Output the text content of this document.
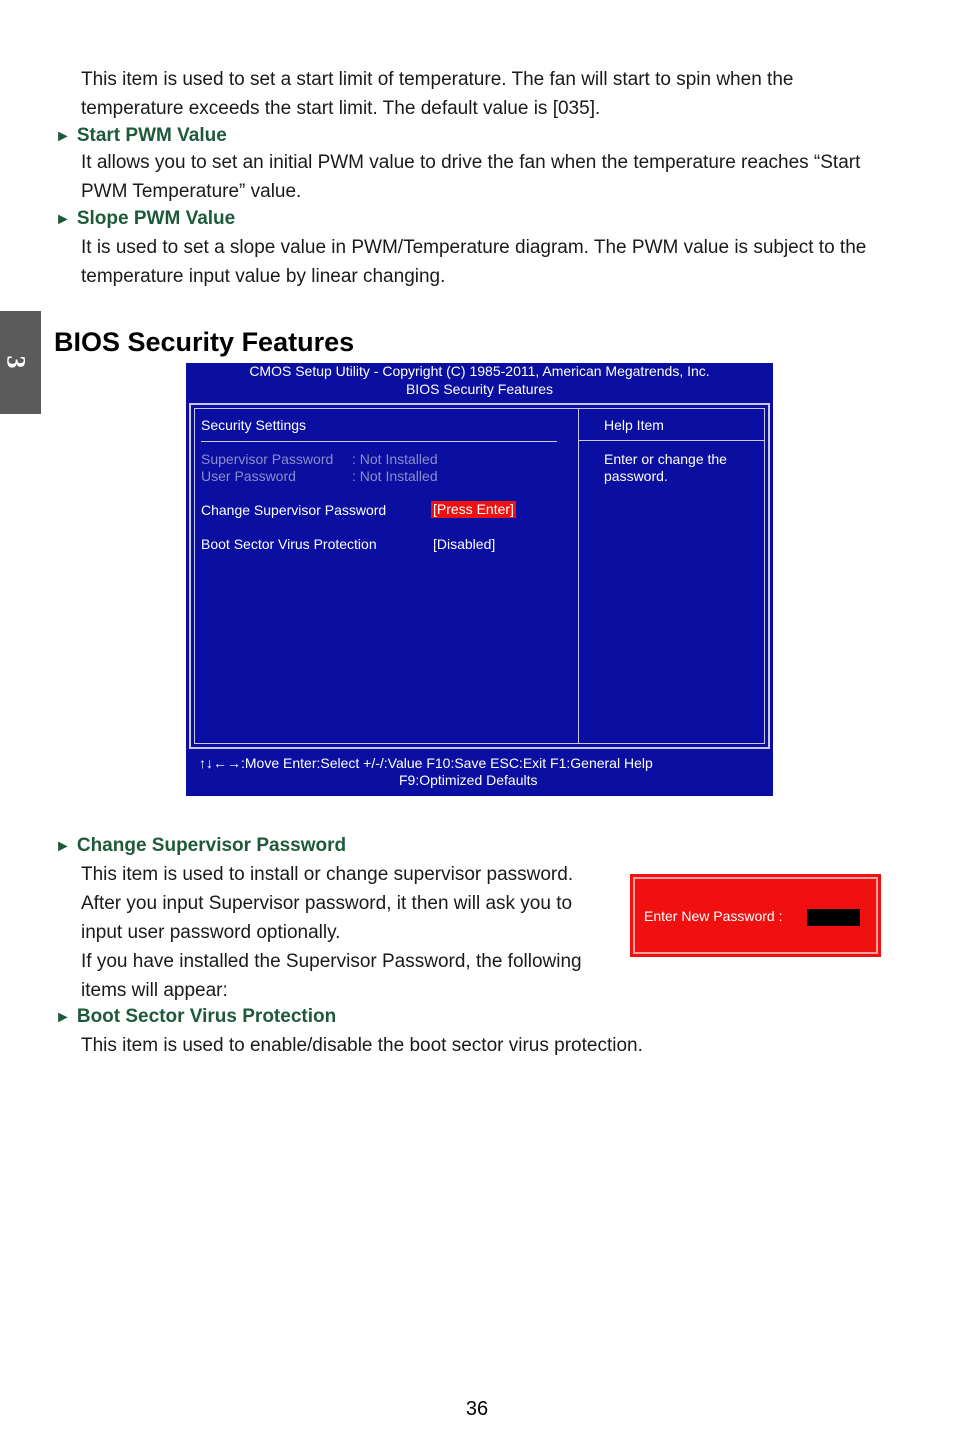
This item is used to set a start limit of temperature. The fan will start to spin when the
temperature exceeds the start limit. The default value is [035].
► Start PWM Value
It allows you to set an initial PWM value to drive the fan when the temperature reaches “Start
PWM Temperature” value.
► Slope PWM Value
It is used to set a slope value in PWM/Temperature diagram. The PWM value is subject to the
temperature input value by linear changing.
3
BIOS Security Features
CMOS Setup Utility - Copyright (C) 1985-2011, American Megatrends, Inc.
BIOS Security Features
Security Settings	Help Item
Enter or change the
password.
Supervisor Password : Not Installed
User Password	: Not Installed
Change Supervisor Password	[Press Enter]
Boot Sector Virus Protection	[Disabled]
↑↓←→:Move Enter:Select +/-/:Value F10:Save ESC:Exit F1:General Help
F9:Optimized Defaults
► Change Supervisor Password
This item is used to install or change supervisor password.
After you input Supervisor password, it then will ask you to
input user password optionally.
If you have installed the Supervisor Password, the following
items will appear:
Enter New Password :
► Boot Sector Virus Protection
This item is used to enable/disable the boot sector virus protection.
36
